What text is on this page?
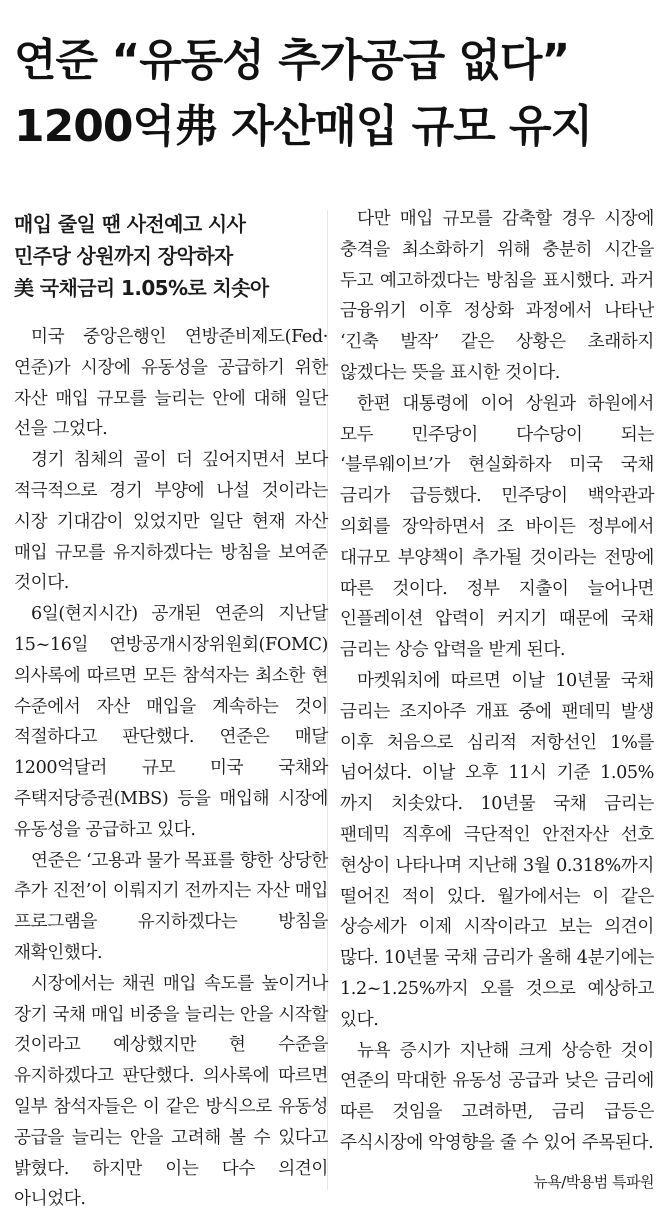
연준 “유동성 추가공급 없다”
1200억弗 자산매입 규모 유지
매입 줄일 땐 사전예고 시사
민주당 상원까지 장악하자
美 국채금리 1.05%로 치솟아

미국 중앙은행인 연방준비제도(Fed·연준)가 시장에 유동성을 공급하기 위한 자산 매입 규모를 늘리는 안에 대해 일단 선을 그었다.

경기 침체의 골이 더 깊어지면서 보다 적극적으로 경기 부양에 나설 것이라는 시장 기대감이 있었지만 일단 현재 자산 매입 규모를 유지하겠다는 방침을 보여준 것이다.

6일(현지시간) 공개된 연준의 지난달 15~16일 연방공개시장위원회(FOMC) 의사록에 따르면 모든 참석자는 최소한 현 수준에서 자산 매입을 계속하는 것이 적절하다고 판단했다. 연준은 매달 1200억달러 규모 미국 국채와 주택저당증권(MBS) 등을 매입해 시장에 유동성을 공급하고 있다.

연준은 ‘고용과 물가 목표를 향한 상당한 추가 진전’이 이뤄지기 전까지는 자산 매입 프로그램을 유지하겠다는 방침을 재확인했다.

시장에서는 채권 매입 속도를 높이거나 장기 국채 매입 비중을 늘리는 안을 시작할 것이라고 예상했지만 현 수준을 유지하겠다고 판단했다. 의사록에 따르면 일부 참석자들은 이 같은 방식으로 유동성 공급을 늘리는 안을 고려해 볼 수 있다고 밝혔다. 하지만 이는 다수 의견이 아니었다.

다만 매입 규모를 감축할 경우 시장에 충격을 최소화하기 위해 충분히 시간을 두고 예고하겠다는 방침을 표시했다. 과거 금융위기 이후 정상화 과정에서 나타난 ‘긴축 발작’ 같은 상황은 초래하지 않겠다는 뜻을 표시한 것이다.

한편 대통령에 이어 상원과 하원에서 모두 민주당이 다수당이 되는 ‘블루웨이브’가 현실화하자 미국 국채 금리가 급등했다. 민주당이 백악관과 의회를 장악하면서 조 바이든 정부에서 대규모 부양책이 추가될 것이라는 전망에 따른 것이다. 정부 지출이 늘어나면 인플레이션 압력이 커지기 때문에 국채 금리는 상승 압력을 받게 된다.

마켓워치에 따르면 이날 10년물 국채 금리는 조지아주 개표 중에 팬데믹 발생 이후 처음으로 심리적 저항선인 1%를 넘어섰다. 이날 오후 11시 기준 1.05%까지 치솟았다. 10년물 국채 금리는 팬데믹 직후에 극단적인 안전자산 선호 현상이 나타나며 지난해 3월 0.318%까지 떨어진 적이 있다. 월가에서는 이 같은 상승세가 이제 시작이라고 보는 의견이 많다. 10년물 국채 금리가 올해 4분기에는 1.2~1.25%까지 오를 것으로 예상하고 있다.

뉴욕 증시가 지난해 크게 상승한 것이 연준의 막대한 유동성 공급과 낮은 금리에 따른 것임을 고려하면, 금리 급등은 주식시장에 악영향을 줄 수 있어 주목된다.

뉴욕/박용범 특파원
